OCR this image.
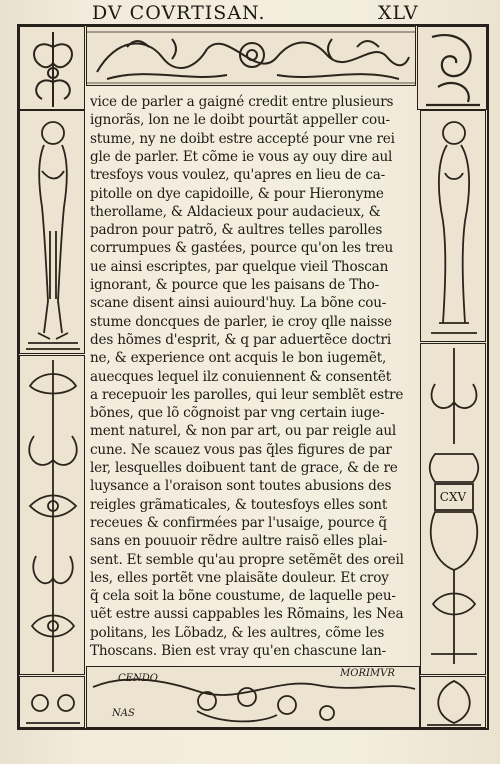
DV COVRTISAN.	XLV
CXV
CENDO	MORIMVR
NAS
vice de parler a gaigné credit entre plusieurs
ignorãs, lon ne le doibt pourtãt appeller cou-
stume, ny ne doibt estre accepté pour vne rei
gle de parler. Et cõme ie vous ay ouy dire aul
tresfoys vous voulez, qu'apres en lieu de ca-
pitolle on dye capidoille, & pour Hieronyme
therollame, & Aldacieux pour audacieux, &
padron pour patrõ, & aultres telles parolles
corrumpues & gastées, pource qu'on les treu
ue ainsi escriptes, par quelque vieil Thoscan
ignorant, & pource que les paisans de Tho-
scane disent ainsi auiourd'huy. La bõne cou-
stume doncques de parler, ie croy qlle naisse
des hõmes d'esprit, & q par aduertẽce doctri
ne, & experience ont acquis le bon iugemẽt,
auecques lequel ilz conuiennent & consentẽt
a recepuoir les parolles, qui leur semblẽt estre
bõnes, que lõ cõgnoist par vng certain iuge-
ment naturel, & non par art, ou par reigle aul
cune. Ne scauez vous pas q̃les figures de par
ler, lesquelles doibuent tant de grace, & de re
luysance a l'oraison sont toutes abusions des
reigles grãmaticales, & toutesfoys elles sont
receues & confirmées par l'usaige, pource q̃
sans en pouuoir rẽdre aultre raisõ elles plai-
sent. Et semble qu'au propre setẽmẽt des oreil
les, elles portẽt vne plaisãte douleur. Et croy
q̃ cela soit la bõne coustume, de laquelle peu-
uẽt estre aussi cappables les Rõmains, les Nea
politans, les Lõbadz, & les aultres, cõme les
Thoscans. Bien est vray qu'en chascune lan-
